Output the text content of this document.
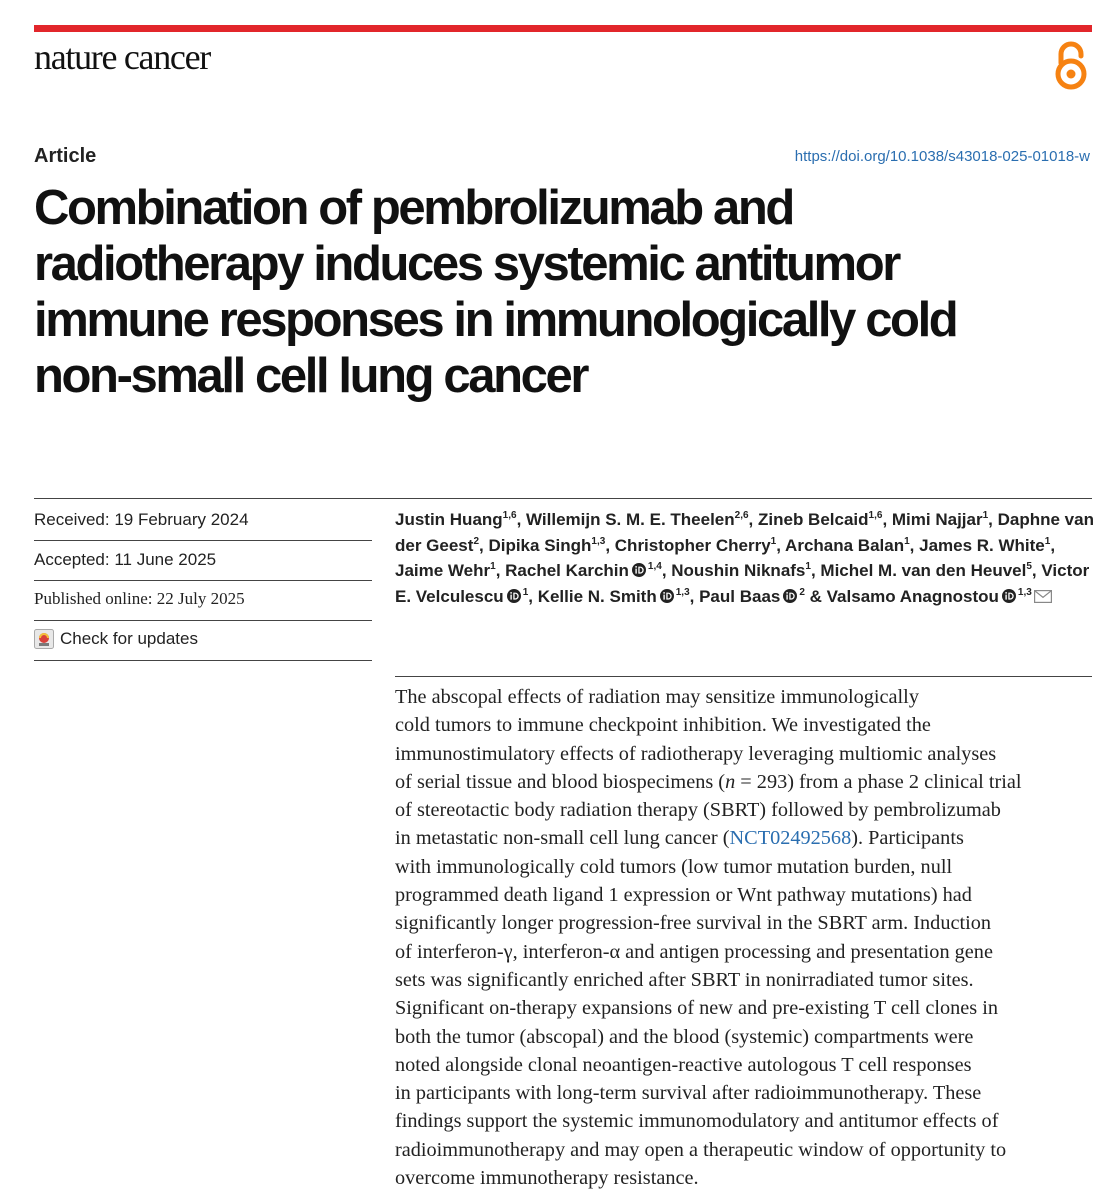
nature cancer
Article	https://doi.org/10.1038/s43018-025-01018-w
Combination of pembrolizumab and
radiotherapy induces systemic antitumor
immune responses in immunologically cold
non-small cell lung cancer
Received: 19 February 2024
Accepted: 11 June 2025
Published online: 22 July 2025
Check for updates

Justin Huang$^{1,6}$, Willemijn S. M. E. Theelen$^{2,6}$, Zineb Belcaid$^{1,6}$, Mimi Najjar$^1$, Daphne van der Geest$^2$, Dipika Singh$^{1,3}$, Christopher Cherry$^1$, Archana Balan$^1$, James R. White$^1$, Jaime Wehr$^1$, Rachel Karchin $^{1,4}$, Noushin Niknafs$^1$, Michel M. van den Heuvel$^5$, Victor E. Velculescu $^1$, Kellie N. Smith $^{1,3}$, Paul Baas $^2$ & Valsamo Anagnostou $^{1,3}$

The abscopal effects of radiation may sensitize immunologically
cold tumors to immune checkpoint inhibition. We investigated the
immunostimulatory effects of radiotherapy leveraging multiomic analyses
of serial tissue and blood biospecimens (n = 293) from a phase 2 clinical trial
of stereotactic body radiation therapy (SBRT) followed by pembrolizumab
in metastatic non-small cell lung cancer (NCT02492568). Participants
with immunologically cold tumors (low tumor mutation burden, null
programmed death ligand 1 expression or Wnt pathway mutations) had
significantly longer progression-free survival in the SBRT arm. Induction
of interferon-γ, interferon-α and antigen processing and presentation gene
sets was significantly enriched after SBRT in nonirradiated tumor sites.
Significant on-therapy expansions of new and pre-existing T cell clones in
both the tumor (abscopal) and the blood (systemic) compartments were
noted alongside clonal neoantigen-reactive autologous T cell responses
in participants with long-term survival after radioimmunotherapy. These
findings support the systemic immunomodulatory and antitumor effects of
radioimmunotherapy and may open a therapeutic window of opportunity to
overcome immunotherapy resistance.
